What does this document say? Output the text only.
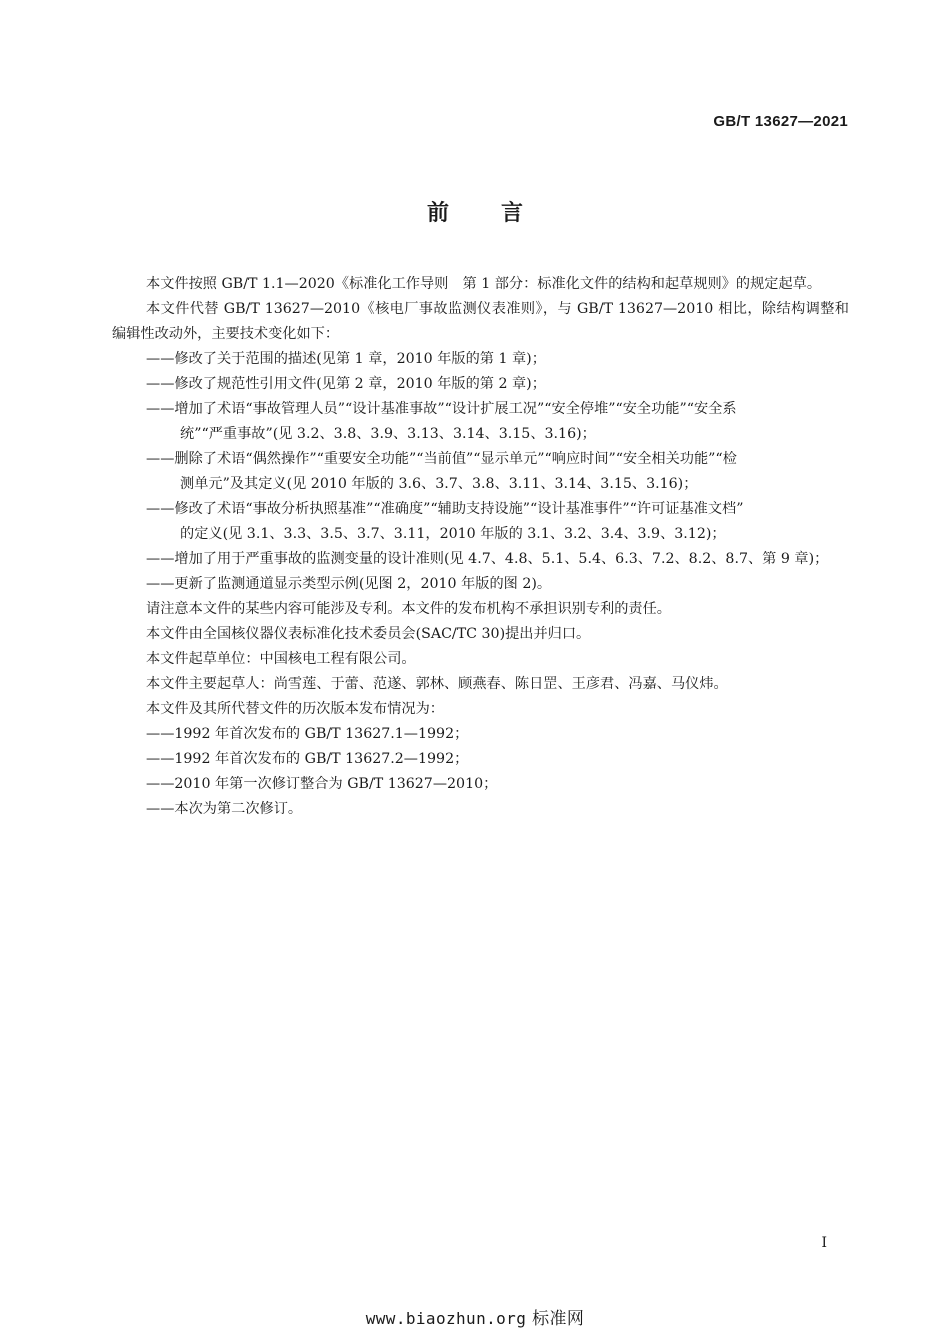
GB/T 13627—2021
前言

本文件按照 GB/T 1.1—2020《标准化工作导则　第 1 部分：标准化文件的结构和起草规则》的规定起草。

本文件代替 GB/T 13627—2010《核电厂事故监测仪表准则》，与 GB/T 13627—2010 相比，除结构调整和编辑性改动外，主要技术变化如下：

——修改了关于范围的描述(见第 1 章，2010 年版的第 1 章)；

——修改了规范性引用文件(见第 2 章，2010 年版的第 2 章)；

——增加了术语“事故管理人员”“设计基准事故”“设计扩展工况”“安全停堆”“安全功能”“安全系
统”“严重事故”(见 3.2、3.8、3.9、3.13、3.14、3.15、3.16)；

——删除了术语“偶然操作”“重要安全功能”“当前值”“显示单元”“响应时间”“安全相关功能”“检
测单元”及其定义(见 2010 年版的 3.6、3.7、3.8、3.11、3.14、3.15、3.16)；

——修改了术语“事故分析执照基准”“准确度”“辅助支持设施”“设计基准事件”“许可证基准文档”
的定义(见 3.1、3.3、3.5、3.7、3.11，2010 年版的 3.1、3.2、3.4、3.9、3.12)；

——增加了用于严重事故的监测变量的设计准则(见 4.7、4.8、5.1、5.4、6.3、7.2、8.2、8.7、第 9 章)；

——更新了监测通道显示类型示例(见图 2，2010 年版的图 2)。

请注意本文件的某些内容可能涉及专利。本文件的发布机构不承担识别专利的责任。

本文件由全国核仪器仪表标准化技术委员会(SAC/TC 30)提出并归口。

本文件起草单位：中国核电工程有限公司。

本文件主要起草人：尚雪莲、于蕾、范遂、郭林、顾燕春、陈日罡、王彦君、冯嘉、马仪炜。

本文件及其所代替文件的历次版本发布情况为：

——1992 年首次发布的 GB/T 13627.1—1992；

——1992 年首次发布的 GB/T 13627.2—1992；

——2010 年第一次修订整合为 GB/T 13627—2010；

——本次为第二次修订。

I
www.biaozhun.org 标准网
